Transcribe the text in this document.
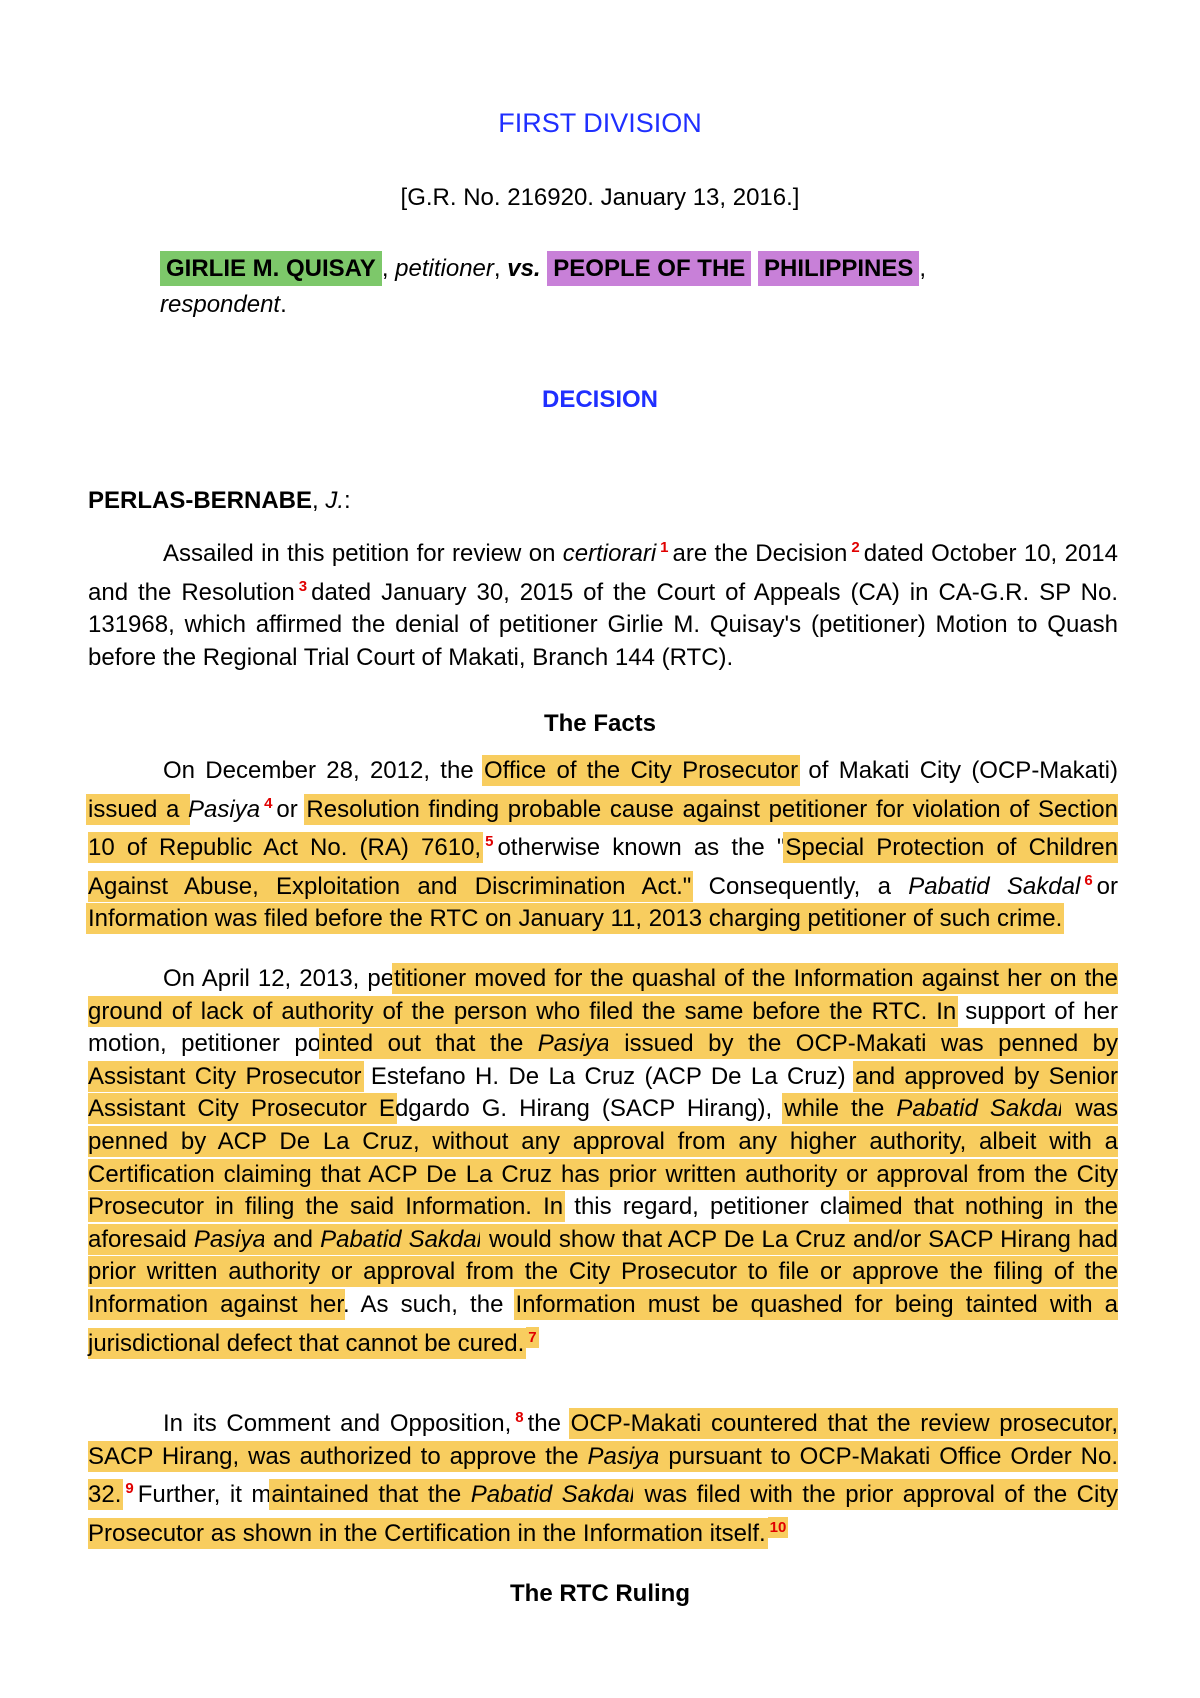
FIRST DIVISION
[G.R. No. 216920. January 13, 2016.]
GIRLIE M. QUISAY , petitioner, vs. PEOPLE OF THE PHILIPPINES ,
respondent.
DECISION
PERLAS-BERNABE, J.:
Assailed in this petition for review on certiorari $^1$ are the Decision $^2$ dated October 10, 2014 and the Resolution $^3$ dated January 30, 2015 of the Court of Appeals (CA) in CA-G.R. SP No. 131968, which affirmed the denial of petitioner Girlie M. Quisay's (petitioner) Motion to Quash before the Regional Trial Court of Makati, Branch 144 (RTC).
The Facts
On December 28, 2012, the Office of the City Prosecutor of Makati City (OCP-Makati) issued a Pasiya $^4$ or Resolution finding probable cause against petitioner for violation of Section 10 of Republic Act No. (RA) 7610, $^5$ otherwise known as the "Special Protection of Children Against Abuse, Exploitation and Discrimination Act." Consequently, a Pabatid Sakdal $^6$ or Information was filed before the RTC on January 11, 2013 charging petitioner of such crime.
On April 12, 2013, petitioner moved for the quashal of the Information against her on the ground of lack of authority of the person who filed the same before the RTC. In support of her motion, petitioner pointed out that the Pasiya issued by the OCP-Makati was penned by Assistant City Prosecutor Estefano H. De La Cruz (ACP De La Cruz) and approved by Senior Assistant City Prosecutor Edgardo G. Hirang (SACP Hirang), while the Pabatid Sakdal was penned by ACP De La Cruz, without any approval from any higher authority, albeit with a Certification claiming that ACP De La Cruz has prior written authority or approval from the City Prosecutor in filing the said Information. In this regard, petitioner claimed that nothing in the aforesaid Pasiya and Pabatid Sakdal would show that ACP De La Cruz and/or SACP Hirang had prior written authority or approval from the City Prosecutor to file or approve the filing of the Information against her. As such, the Information must be quashed for being tainted with a jurisdictional defect that cannot be cured. $^7$
In its Comment and Opposition, $^8$ the OCP-Makati countered that the review prosecutor, SACP Hirang, was authorized to approve the Pasiya pursuant to OCP-Makati Office Order No. 32. $^9$ Further, it maintained that the Pabatid Sakdal was filed with the prior approval of the City Prosecutor as shown in the Certification in the Information itself. $^{10}$
The RTC Ruling
